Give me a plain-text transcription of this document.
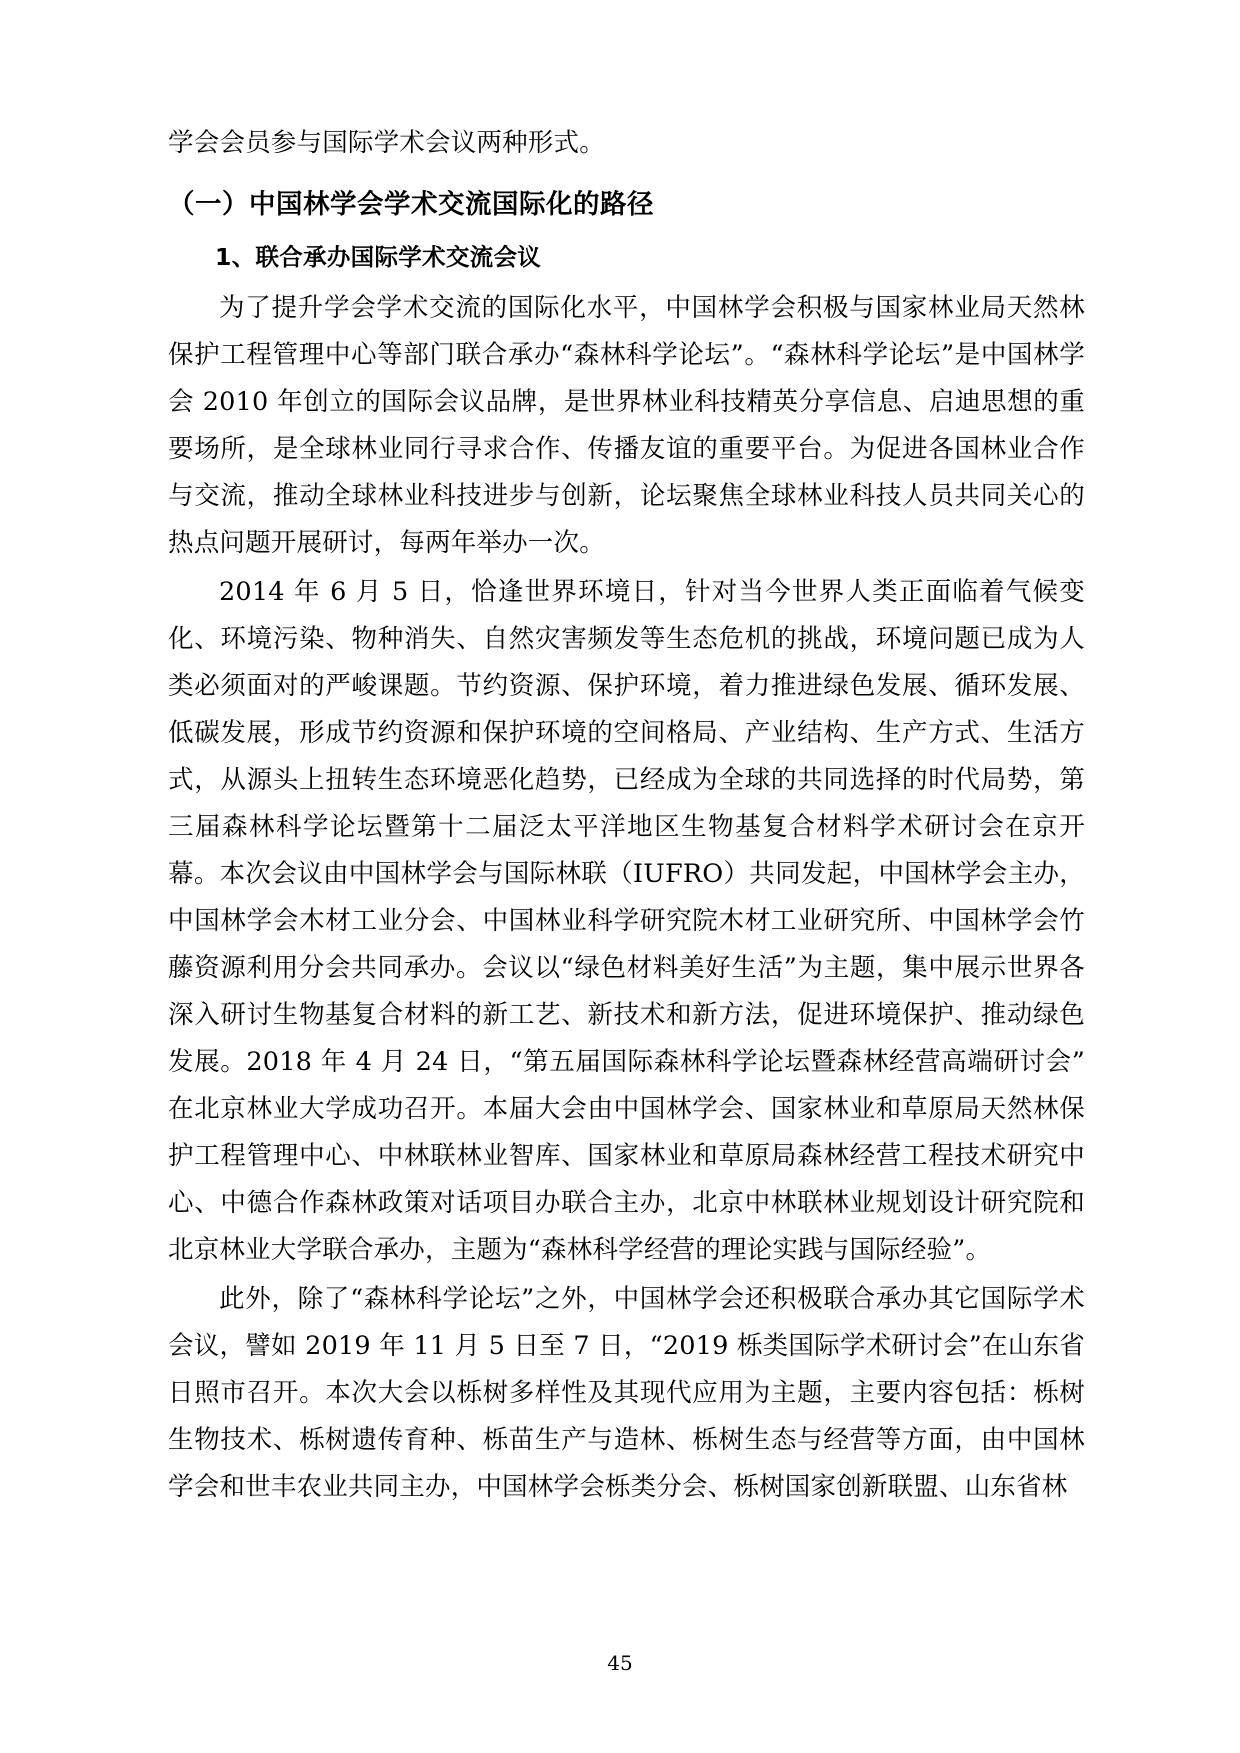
学会会员参与国际学术会议两种形式。

（一）中国林学会学术交流国际化的路径

1、联合承办国际学术交流会议

为了提升学会学术交流的国际化水平，中国林学会积极与国家林业局天然林保护工程管理中心等部门联合承办“森林科学论坛”。“森林科学论坛”是中国林学会 2010 年创立的国际会议品牌，是世界林业科技精英分享信息、启迪思想的重要场所，是全球林业同行寻求合作、传播友谊的重要平台。为促进各国林业合作与交流，推动全球林业科技进步与创新，论坛聚焦全球林业科技人员共同关心的热点问题开展研讨，每两年举办一次。

2014 年 6 月 5 日，恰逢世界环境日，针对当今世界人类正面临着气候变化、环境污染、物种消失、自然灾害频发等生态危机的挑战，环境问题已成为人类必须面对的严峻课题。节约资源、保护环境，着力推进绿色发展、循环发展、低碳发展，形成节约资源和保护环境的空间格局、产业结构、生产方式、生活方式，从源头上扭转生态环境恶化趋势，已经成为全球的共同选择的时代局势，第三届森林科学论坛暨第十二届泛太平洋地区生物基复合材料学术研讨会在京开幕。本次会议由中国林学会与国际林联（IUFRO）共同发起，中国林学会主办，中国林学会木材工业分会、中国林业科学研究院木材工业研究所、中国林学会竹藤资源利用分会共同承办。会议以“绿色材料美好生活”为主题，集中展示世界各深入研讨生物基复合材料的新工艺、新技术和新方法，促进环境保护、推动绿色发展。2018 年 4 月 24 日，“第五届国际森林科学论坛暨森林经营高端研讨会”在北京林业大学成功召开。本届大会由中国林学会、国家林业和草原局天然林保护工程管理中心、中林联林业智库、国家林业和草原局森林经营工程技术研究中心、中德合作森林政策对话项目办联合主办，北京中林联林业规划设计研究院和北京林业大学联合承办，主题为“森林科学经营的理论实践与国际经验”。

此外，除了“森林科学论坛”之外，中国林学会还积极联合承办其它国际学术会议，譬如 2019 年 11 月 5 日至 7 日，“2019 栎类国际学术研讨会”在山东省日照市召开。本次大会以栎树多样性及其现代应用为主题，主要内容包括：栎树生物技术、栎树遗传育种、栎苗生产与造林、栎树生态与经营等方面，由中国林学会和世丰农业共同主办，中国林学会栎类分会、栎树国家创新联盟、山东省林

45
